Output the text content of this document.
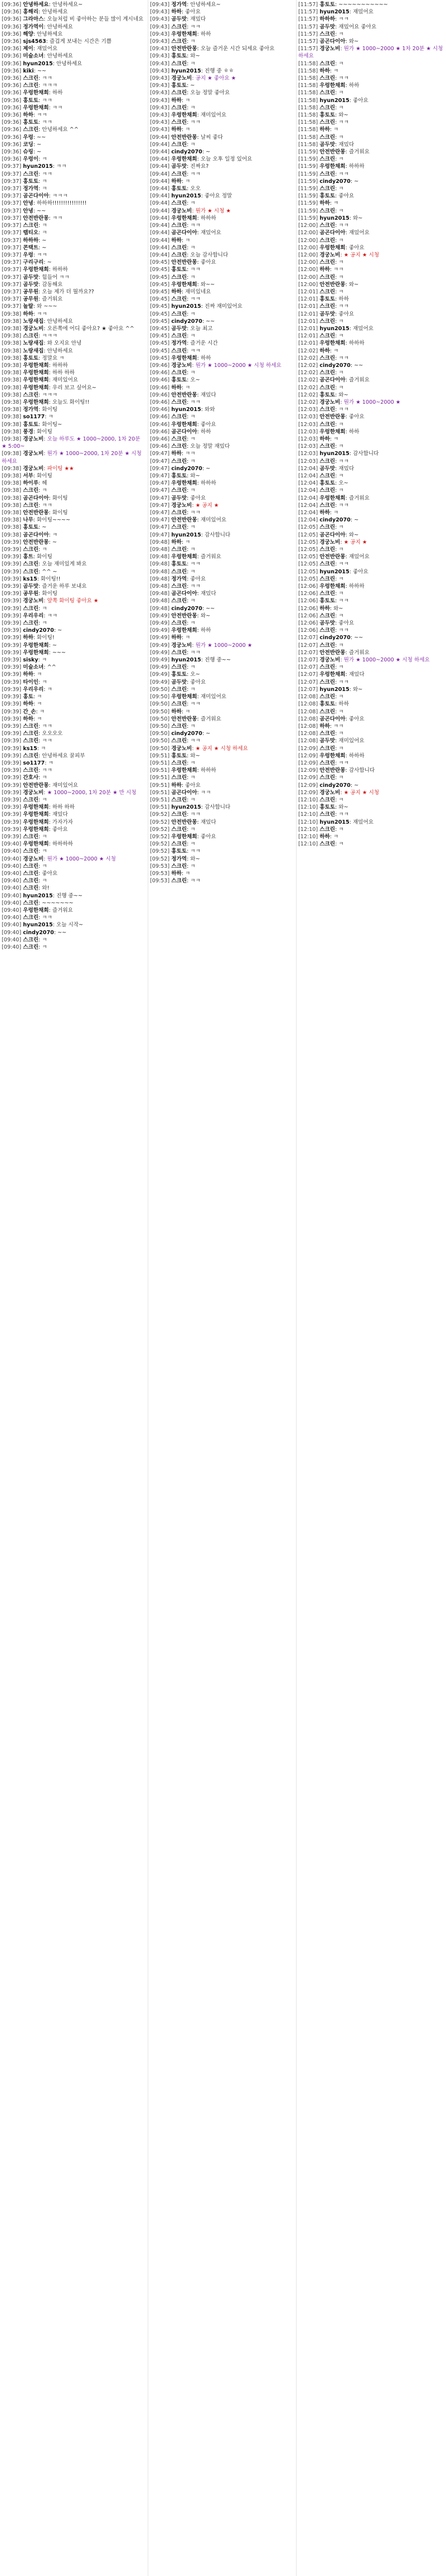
[09:36] 안녕하세요: 안녕하세요~
[09:36] 홍해리: 안녕하세요
[09:36] 그라마스: 오늘처럼 비 좋아하는 분들 많이 계시네요
[09:36] 정가역이: 안녕하세요
[09:36] 해양: 안녕하세요
[09:36] sjs4563: 즐겁게 보내는 시간은 기쁨
[09:36] 제이: 재밌어요
[09:36] 미술소녀: 안녕하세요
[09:36] hyun2015: 안녕하세요
[09:36] kiki: ~~
[09:36] 스크린: ㅋㅋ
[09:36] 스크린: ㅋㅋㅋ
[09:36] 우렁한채희: 하하
[09:36] 홍토토: ㅋㅋ
[09:36] 우렁한채희: ㅋㅋ
[09:36] 하하: ㅋㅋ
[09:36] 홍토토: ㅋㅋ
[09:36] 스크린: 안녕하세요 ^^
[09:36] 우렁: ~~
[09:36] 코딩: ~
[09:36] 슈링: ~
[09:36] 우렁이: ㅋ
[09:37] hyun2015: ㅋㅋ
[09:37] 스크린: ㅋㅋ
[09:37] 홍토토: ㅋ
[09:37] 정가역: ㅋ
[09:37] 곰곤다이아: ㅋㅋㅋ
[09:37] 안녕: 하하하!!!!!!!!!!!!!!!!
[09:37] 안녕: ~~
[09:37] 안전반란몽: ㅋㅋ
[09:37] 스크린: ㅋ
[09:37] 랩티오: ㅋ
[09:37] 하하하: ~
[09:37] 콘택트: ~
[09:37] 우렁: ㅋㅋ
[09:37] 구리구리: ~
[09:37] 우렁한채희: 하하하
[09:37] 곰두맛: 힘들어 ㅋㅋ
[09:37] 곰두맛: 감동해요
[09:37] 공무원: 오늘 제가 더 뭘까요??
[09:37] 공무원: 즐거워요
[09:37] 놀랄: 와 ~~~
[09:38] 하하: ㅋㅋ
[09:38] 노랑새집: 안녕하세요
[09:38] 경궁노비: 오른쪽에 어디 좋아요? ★ 좋아요 ^^
[09:38] 스크린: ㅋㅋㅋ
[09:38] 노랑새집: 와 오지요 안녕
[09:38] 노랑새집: 안녕하세요
[09:38] 홍토토: 정말요 ㅋ
[09:38] 우렁한채희: 하하하
[09:38] 우렁한채희: 하하 하하
[09:38] 우렁한채희: 재미있어요
[09:38] 우렁한채희: 우리 보고 싶어요~
[09:38] 스크린: ㅋㅋㅋ
[09:38] 우렁한채희: 오늘도 화이팅!!
[09:38] 정가역: 화이팅
[09:38] so1177: ㅋ
[09:38] 홍토토: 화이팅~
[09:38] 풍경: 화이팅
[09:38] 경궁노비: 오늘 하루도 ★ 1000~2000, 1차 20분 ★ 5:00~
[09:38] 경궁노비: 뭔가 ★ 1000~2000, 1차 20분 ★ 시청 하세요
[09:38] 경궁노비: 파이팅 ★★
[09:38] 서부: 화이팅
[09:38] 하이루: 헤
[09:38] 스크린: ㅋ
[09:38] 곰곤다이아: 화이팅
[09:38] 스크린: ㅋㅋ
[09:38] 안전반란몽: 화이팅
[09:38] 나무: 화이팅~~~~
[09:38] 홍토토: ~
[09:38] 곰곤다이아: ㅋ
[09:39] 안전반란몽: ~
[09:39] 스크린: ㅋ
[09:39] 홍트: 화이팅
[09:39] 스크린: 오늘 재미있게 봐요
[09:39] 스크린: ^^ ~
[09:39] ks15: 화이팅!!
[09:39] 곰두맛: 즐거운 하루 보내요
[09:39] 공무원: 화이팅
[09:39] 경궁노비: 앞쪽 화이팅 좋아요 ★
[09:39] 스크린: ㅋ
[09:39] 우리우리: ㅋㅋ
[09:39] 스크린: ㅋ
[09:39] cindy2070: ~
[09:39] 하하: 화이팅!
[09:39] 우렁한채희: ~
[09:39] 우렁한채희: ~~~
[09:39] sisky: ㅋ
[09:39] 미술소녀: ^^
[09:39] 하하: ㅋ
[09:39] 타이인: ㅋ
[09:39] 우리우리: ㅋ
[09:39] 홍토: ㅋ
[09:39] 하하: ㅋ
[09:39] 간_손: ㅋ
[09:39] 하하: ㅋ
[09:39] 스크린: ㅋㅋ
[09:39] 스크린: 오오오오
[09:39] 스크린: ㅋㅋ
[09:39] ks15: ㅋ
[09:39] 스크린: 안녕하세요 꿀피부
[09:39] so1177: ㅋ
[09:39] 스크린: ㅋㅋ
[09:39] 간호사: ㅋ
[09:39] 안전반란몽: 재미있어요
[09:39] 경궁노비: ★ 1000~2000, 1차 20분 ★ 만 시청
[09:39] 스크린: ㅋ
[09:39] 우렁한채희: 하하 하하
[09:39] 우렁한채희: 재밌다
[09:39] 우렁한채희: 가자가자
[09:39] 우렁한채희: 좋아요
[09:39] 스크린: ㅋ
[09:40] 우렁한채희: 하하하하
[09:40] 스크린: ㅋ
[09:40] 경궁노비: 뭔가 ★ 1000~2000 ★ 시청
[09:40] 스크린: ㅋ
[09:40] 스크린: 좋아요
[09:40] 스크린: ㅋ
[09:40] 스크린: 와!
[09:40] hyun2015: 진행 중~~
[09:40] 스크린: ~~~~~~~
[09:40] 우렁한채희: 즐거워요
[09:40] 스크린: ㅋㅋ
[09:40] hyun2015: 오늘 시작~
[09:40] cindy2070: ~~
[09:40] 스크린: ㅋ
[09:40] 스크린: ㅋ
[09:43] 정가역: 안녕하세요~
[09:43] 하하: 좋아요
[09:43] 곰두맛: 재밌다
[09:43] 스크린: ㅋㅋ
[09:43] 우렁한채희: 하하
[09:43] 스크린: ㅋ
[09:43] 안전반란몽: 오늘 즐거운 시간 되세요 좋아요
[09:43] 홍토토: 와~
[09:43] 스크린: ㅋ
[09:43] hyun2015: 진행 중 ㅎㅎ
[09:43] 경궁노비: 공지 ★ 좋아요 ★
[09:43] 홍토토: ~
[09:43] 스크린: 오늘 정말 좋아요
[09:43] 하하: ㅋ
[09:43] 스크린: ㅋ
[09:43] 우렁한채희: 재미있어요
[09:43] 스크린: ㅋㅋ
[09:43] 하하: ㅋ
[09:44] 안전반란몽: 날씨 좋다
[09:44] 스크린: ㅋ
[09:44] cindy2070: ~
[09:44] 우렁한채희: 오늘 오후 일정 있어요
[09:44] 곰두맛: 진짜요?
[09:44] 스크린: ㅋㅋ
[09:44] 하하: ㅋ
[09:44] 홍토토: 오오
[09:44] hyun2015: 좋아요 정말
[09:44] 스크린: ㅋ
[09:44] 경궁노비: 뭔가 ★ 시청 ★
[09:44] 우렁한채희: 하하하
[09:44] 스크린: ㅋㅋ
[09:44] 곰곤다이아: 재밌어요
[09:44] 하하: ㅋ
[09:44] 스크린: ㅋ
[09:44] 스크린: 오늘 감사합니다
[09:45] 안전반란몽: 좋아요
[09:45] 홍토토: ㅋㅋ
[09:45] 스크린: ㅋ
[09:45] 우렁한채희: 와~~
[09:45] 하하: 재미있네요
[09:45] 스크린: ㅋㅋ
[09:45] hyun2015: 진짜 재미있어요
[09:45] 스크린: ㅋ
[09:45] cindy2070: ~~
[09:45] 곰두맛: 오늘 최고
[09:45] 스크린: ㅋ
[09:45] 정가역: 즐거운 시간
[09:45] 스크린: ㅋㅋ
[09:45] 우렁한채희: 하하
[09:46] 경궁노비: 뭔가 ★ 1000~2000 ★ 시청 하세요
[09:46] 스크린: ㅋ
[09:46] 홍토토: 오~
[09:46] 하하: ㅋ
[09:46] 안전반란몽: 재밌다
[09:46] 스크린: ㅋㅋ
[09:46] hyun2015: 와와
[09:46] 스크린: ㅋ
[09:46] 우렁한채희: 좋아요
[09:46] 곰곤다이아: 하하
[09:46] 스크린: ㅋ
[09:46] 스크린: 오늘 정말 재밌다
[09:47] 하하: ㅋㅋ
[09:47] 스크린: ㅋ
[09:47] cindy2070: ~
[09:47] 홍토토: 와~
[09:47] 우렁한채희: 하하하
[09:47] 스크린: ㅋ
[09:47] 곰두맛: 좋아요
[09:47] 경궁노비: ★ 공지 ★
[09:47] 스크린: ㅋㅋ
[09:47] 안전반란몽: 재미있어요
[09:47] 스크린: ㅋ
[09:47] hyun2015: 감사합니다
[09:48] 하하: ㅋ
[09:48] 스크린: ㅋ
[09:48] 우렁한채희: 즐거워요
[09:48] 홍토토: ㅋㅋ
[09:48] 스크린: ㅋ
[09:48] 정가역: 좋아요
[09:48] 스크린: ㅋㅋ
[09:48] 곰곤다이아: 재밌다
[09:48] 스크린: ㅋ
[09:48] cindy2070: ~~
[09:49] 안전반란몽: 와~
[09:49] 스크린: ㅋ
[09:49] 우렁한채희: 하하
[09:49] 하하: ㅋ
[09:49] 경궁노비: 뭔가 ★ 1000~2000 ★
[09:49] 스크린: ㅋㅋ
[09:49] hyun2015: 진행 중~~
[09:49] 스크린: ㅋ
[09:49] 홍토토: 오~
[09:49] 곰두맛: 좋아요
[09:50] 스크린: ㅋ
[09:50] 우렁한채희: 재미있어요
[09:50] 스크린: ㅋㅋ
[09:50] 하하: ㅋ
[09:50] 안전반란몽: 즐거워요
[09:50] 스크린: ㅋ
[09:50] cindy2070: ~
[09:50] 스크린: ㅋㅋ
[09:50] 경궁노비: ★ 공지 ★ 시청 하세요
[09:51] 홍토토: 와~
[09:51] 스크린: ㅋ
[09:51] 우렁한채희: 하하하
[09:51] 스크린: ㅋ
[09:51] 하하: 좋아요
[09:51] 곰곤다이아: ㅋㅋ
[09:51] 스크린: ㅋ
[09:51] hyun2015: 감사합니다
[09:52] 스크린: ㅋㅋ
[09:52] 안전반란몽: 재밌다
[09:52] 스크린: ㅋ
[09:52] 우렁한채희: 좋아요
[09:52] 스크린: ㅋ
[09:52] 홍토토: ㅋㅋ
[09:52] 정가역: 와~
[09:53] 스크린: ㅋ
[09:53] 하하: ㅋ
[09:53] 스크린: ㅋㅋ
[11:57] 홍토토: ~~~~~~~~~~~
[11:57] hyun2015: 재밌어요
[11:57] 하하하: ㅋㅋ
[11:57] 곰두맛: 재밌어요 좋아요
[11:57] 스크린: ㅋ
[11:57] 곰곤다이아: 와~
[11:57] 경궁노비: 뭔가 ★ 1000~2000 ★ 1차 20분 ★ 시청 하세요
[11:58] 스크린: ㅋ
[11:58] 하하: ㅋ
[11:58] 스크린: ㅋㅋ
[11:58] 우렁한채희: 하하
[11:58] 스크린: ㅋ
[11:58] hyun2015: 좋아요
[11:58] 스크린: ㅋ
[11:58] 홍토토: 와~
[11:58] 스크린: ㅋㅋ
[11:58] 하하: ㅋ
[11:58] 스크린: ㅋ
[11:58] 곰두맛: 재밌다
[11:59] 안전반란몽: 즐거워요
[11:59] 스크린: ㅋ
[11:59] 우렁한채희: 하하하
[11:59] 스크린: ㅋㅋ
[11:59] cindy2070: ~
[11:59] 스크린: ㅋ
[11:59] 홍토토: 좋아요
[11:59] 하하: ㅋ
[11:59] 스크린: ㅋ
[11:59] hyun2015: 와~
[12:00] 스크린: ㅋㅋ
[12:00] 곰곤다이아: 재밌어요
[12:00] 스크린: ㅋ
[12:00] 우렁한채희: 좋아요
[12:00] 경궁노비: ★ 공지 ★ 시청
[12:00] 스크린: ㅋ
[12:00] 하하: ㅋㅋ
[12:00] 스크린: ㅋ
[12:00] 안전반란몽: 와~
[12:01] 스크린: ㅋ
[12:01] 홍토토: 하하
[12:01] 스크린: ㅋㅋ
[12:01] 곰두맛: 좋아요
[12:01] 스크린: ㅋ
[12:01] hyun2015: 재밌어요
[12:01] 스크린: ㅋ
[12:01] 우렁한채희: 하하하
[12:02] 하하: ㅋ
[12:02] 스크린: ㅋㅋ
[12:02] cindy2070: ~~
[12:02] 스크린: ㅋ
[12:02] 곰곤다이아: 즐거워요
[12:02] 스크린: ㅋ
[12:02] 홍토토: 와~
[12:02] 경궁노비: 뭔가 ★ 1000~2000 ★
[12:03] 스크린: ㅋㅋ
[12:03] 안전반란몽: 좋아요
[12:03] 스크린: ㅋ
[12:03] 우렁한채희: 하하
[12:03] 하하: ㅋ
[12:03] 스크린: ㅋ
[12:03] hyun2015: 감사합니다
[12:03] 스크린: ㅋㅋ
[12:04] 곰두맛: 재밌다
[12:04] 스크린: ㅋ
[12:04] 홍토토: 오~
[12:04] 스크린: ㅋ
[12:04] 우렁한채희: 즐거워요
[12:04] 스크린: ㅋㅋ
[12:04] 하하: ㅋ
[12:04] cindy2070: ~
[12:05] 스크린: ㅋ
[12:05] 곰곤다이아: 와~
[12:05] 경궁노비: ★ 공지 ★
[12:05] 스크린: ㅋ
[12:05] 안전반란몽: 재밌어요
[12:05] 스크린: ㅋㅋ
[12:05] hyun2015: 좋아요
[12:05] 스크린: ㅋ
[12:06] 우렁한채희: 하하하
[12:06] 스크린: ㅋ
[12:06] 홍토토: ㅋㅋ
[12:06] 하하: 와~
[12:06] 스크린: ㅋ
[12:06] 곰두맛: 좋아요
[12:06] 스크린: ㅋㅋ
[12:07] cindy2070: ~~
[12:07] 스크린: ㅋ
[12:07] 안전반란몽: 즐거워요
[12:07] 경궁노비: 뭔가 ★ 1000~2000 ★ 시청 하세요
[12:07] 스크린: ㅋ
[12:07] 우렁한채희: 재밌다
[12:07] 스크린: ㅋㅋ
[12:07] hyun2015: 와~
[12:08] 스크린: ㅋ
[12:08] 홍토토: 하하
[12:08] 스크린: ㅋ
[12:08] 곰곤다이아: 좋아요
[12:08] 하하: ㅋㅋ
[12:08] 스크린: ㅋ
[12:08] 곰두맛: 재미있어요
[12:09] 스크린: ㅋ
[12:09] 우렁한채희: 하하하
[12:09] 스크린: ㅋㅋ
[12:09] 안전반란몽: 감사합니다
[12:09] 스크린: ㅋ
[12:09] cindy2070: ~
[12:09] 경궁노비: ★ 공지 ★ 시청
[12:10] 스크린: ㅋ
[12:10] 홍토토: 와~
[12:10] 스크린: ㅋㅋ
[12:10] hyun2015: 재밌어요
[12:10] 스크린: ㅋ
[12:10] 하하: ㅋ
[12:10] 스크린: ㅋ
